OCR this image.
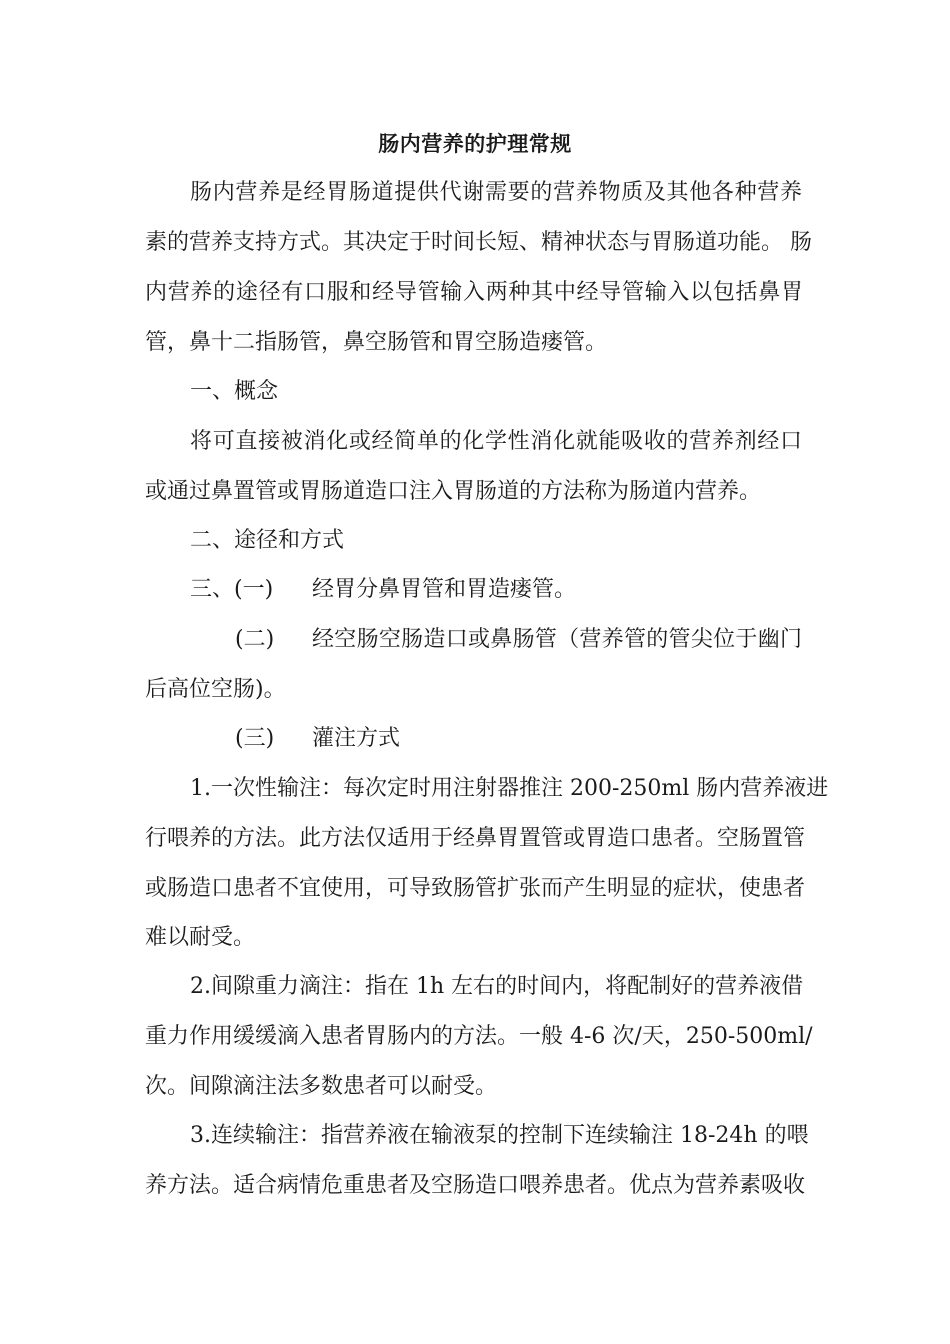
肠内营养的护理常规
肠内营养是经胃肠道提供代谢需要的营养物质及其他各种营养
素的营养支持方式。其决定于时间长短、精神状态与胃肠道功能。 肠
内营养的途径有口服和经导管输入两种其中经导管输入以包括鼻胃
管，鼻十二指肠管，鼻空肠管和胃空肠造瘘管。
一、概念
将可直接被消化或经简单的化学性消化就能吸收的营养剂经口
或通过鼻置管或胃肠道造口注入胃肠道的方法称为肠道内营养。
二、途径和方式
三、(一) 经胃分鼻胃管和胃造瘘管。
(二) 经空肠空肠造口或鼻肠管（营养管的管尖位于幽门
后高位空肠)。
(三) 灌注方式
1.一次性输注：每次定时用注射器推注 200-250ml 肠内营养液进
行喂养的方法。此方法仅适用于经鼻胃置管或胃造口患者。空肠置管
或肠造口患者不宜使用，可导致肠管扩张而产生明显的症状，使患者
难以耐受。
2.间隙重力滴注：指在 1h 左右的时间内，将配制好的营养液借
重力作用缓缓滴入患者胃肠内的方法。一般 4-6 次/天，250-500ml/
次。间隙滴注法多数患者可以耐受。
3.连续输注：指营养液在输液泵的控制下连续输注 18-24h 的喂
养方法。适合病情危重患者及空肠造口喂养患者。优点为营养素吸收
